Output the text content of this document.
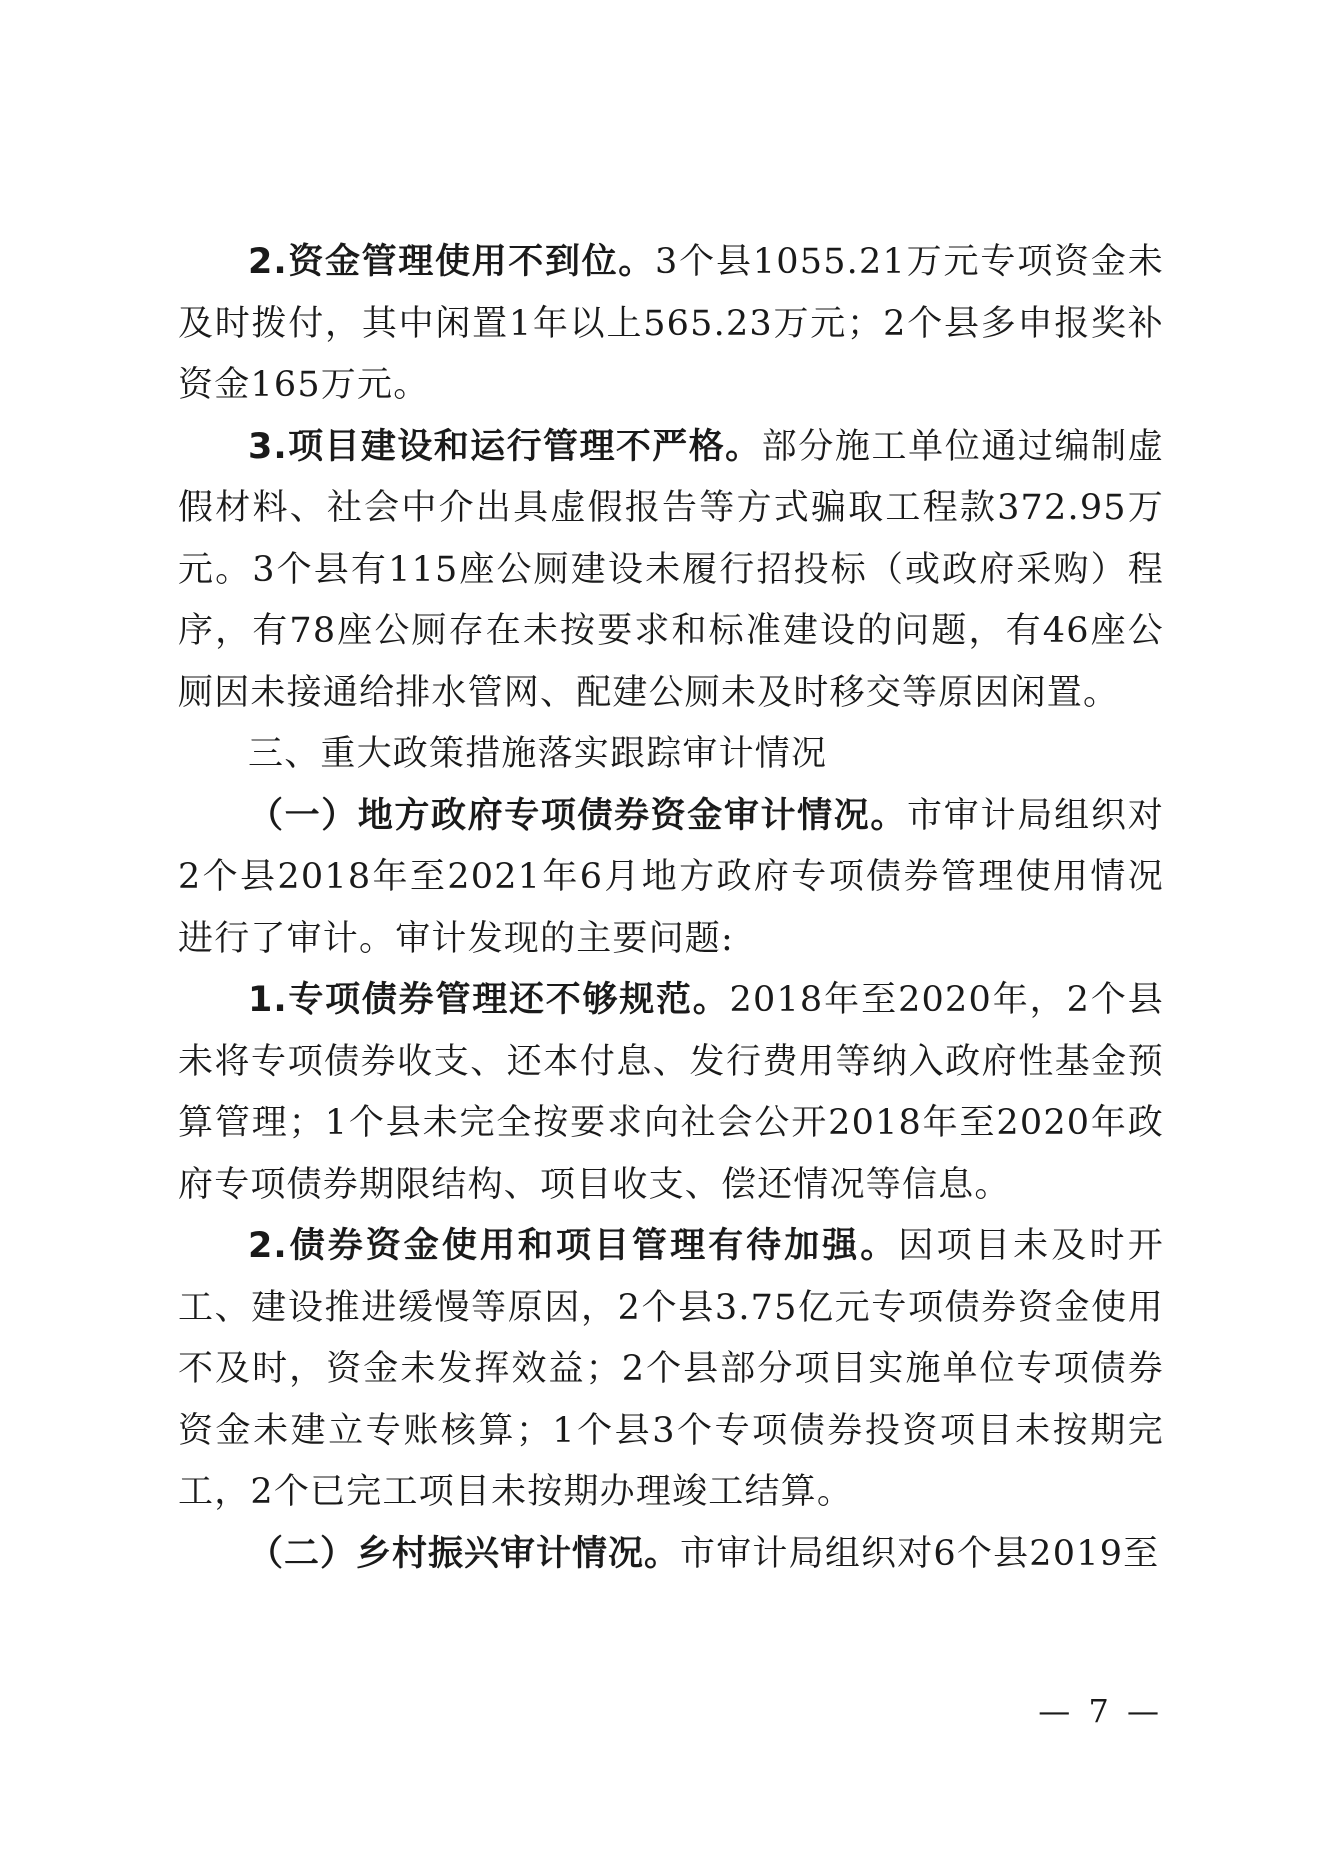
2.资金管理使用不到位。3个县1055.21万元专项资金未及时拨付，其中闲置1年以上565.23万元；2个县多申报奖补资金165万元。

3.项目建设和运行管理不严格。部分施工单位通过编制虚假材料、社会中介出具虚假报告等方式骗取工程款372.95万元。3个县有115座公厕建设未履行招投标（或政府采购）程序，有78座公厕存在未按要求和标准建设的问题，有46座公厕因未接通给排水管网、配建公厕未及时移交等原因闲置。

三、重大政策措施落实跟踪审计情况

（一）地方政府专项债券资金审计情况。市审计局组织对2个县2018年至2021年6月地方政府专项债券管理使用情况进行了审计。审计发现的主要问题:

1.专项债券管理还不够规范。2018年至2020年，2个县未将专项债券收支、还本付息、发行费用等纳入政府性基金预算管理；1个县未完全按要求向社会公开2018年至2020年政府专项债券期限结构、项目收支、偿还情况等信息。

2.债券资金使用和项目管理有待加强。因项目未及时开工、建设推进缓慢等原因，2个县3.75亿元专项债券资金使用不及时，资金未发挥效益；2个县部分项目实施单位专项债券资金未建立专账核算；1个县3个专项债券投资项目未按期完工，2个已完工项目未按期办理竣工结算。

（二）乡村振兴审计情况。市审计局组织对6个县2019至

— 7 —
